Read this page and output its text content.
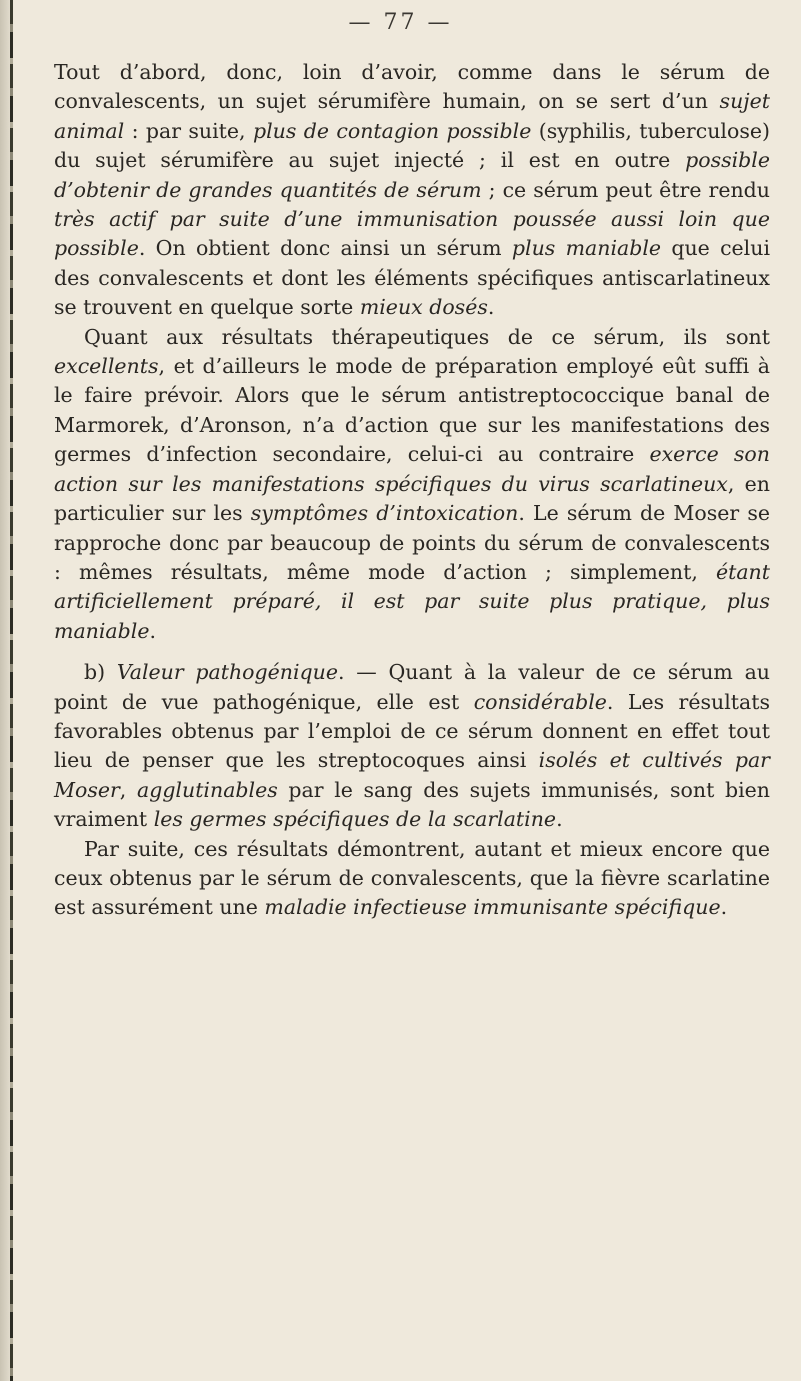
— 77 —

Tout d’abord, donc, loin d’avoir, comme dans le sérum de convalescents, un sujet sérumifère humain, on se sert d’un sujet animal : par suite, plus de contagion possible (syphilis, tuberculose) du sujet sérumifère au sujet injecté ; il est en outre possible d’obtenir de grandes quantités de sérum ; ce sérum peut être rendu très actif par suite d’une immunisation poussée aussi loin que possible. On obtient donc ainsi un sérum plus maniable que celui des convalescents et dont les éléments spécifiques antiscarlatineux se trouvent en quelque sorte mieux dosés.

Quant aux résultats thérapeutiques de ce sérum, ils sont excellents, et d’ailleurs le mode de préparation employé eût suffi à le faire prévoir. Alors que le sérum antistreptococcique banal de Marmorek, d’Aronson, n’a d’action que sur les manifestations des germes d’infection secondaire, celui-ci au contraire exerce son action sur les manifestations spécifiques du virus scarlatineux, en particulier sur les symptômes d’intoxication. Le sérum de Moser se rapproche donc par beaucoup de points du sérum de convalescents : mêmes résultats, même mode d’action ; simplement, étant artificiellement préparé, il est par suite plus pratique, plus maniable.

b) Valeur pathogénique. — Quant à la valeur de ce sérum au point de vue pathogénique, elle est considérable. Les résultats favorables obtenus par l’emploi de ce sérum donnent en effet tout lieu de penser que les streptocoques ainsi isolés et cultivés par Moser, agglutinables par le sang des sujets immunisés, sont bien vraiment les germes spécifiques de la scarlatine.

Par suite, ces résultats démontrent, autant et mieux encore que ceux obtenus par le sérum de convalescents, que la fièvre scarlatine est assurément une maladie infectieuse immunisante spécifique.
